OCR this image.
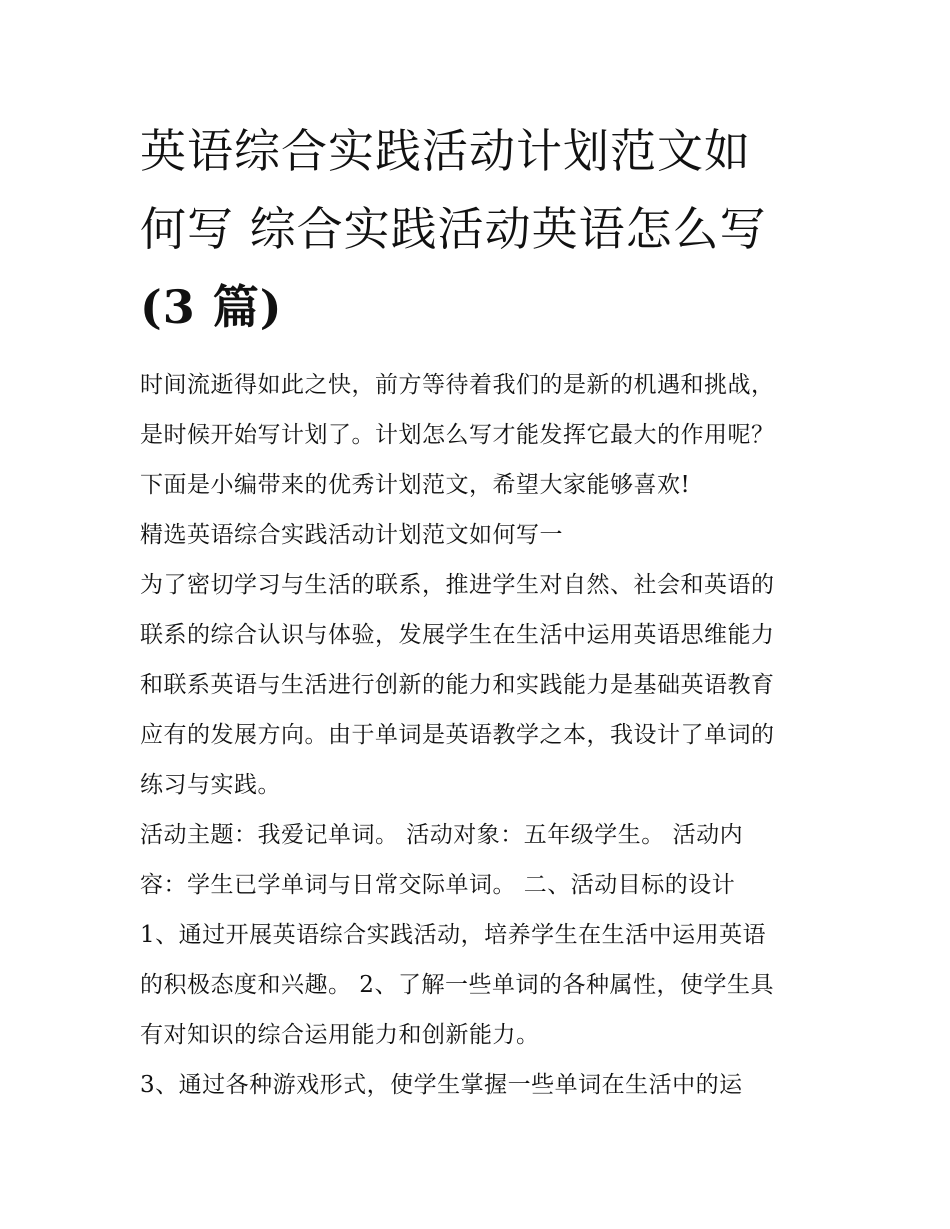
英语综合实践活动计划范文如
何写 综合实践活动英语怎么写
(3 篇)

时间流逝得如此之快，前方等待着我们的是新的机遇和挑战，
是时候开始写计划了。计划怎么写才能发挥它最大的作用呢？
下面是小编带来的优秀计划范文，希望大家能够喜欢!

精选英语综合实践活动计划范文如何写一

为了密切学习与生活的联系，推进学生对自然、社会和英语的
联系的综合认识与体验，发展学生在生活中运用英语思维能力
和联系英语与生活进行创新的能力和实践能力是基础英语教育
应有的发展方向。由于单词是英语教学之本，我设计了单词的
练习与实践。

活动主题：我爱记单词。 活动对象：五年级学生。 活动内
容：学生已学单词与日常交际单词。 二、活动目标的设计
1、通过开展英语综合实践活动，培养学生在生活中运用英语
的积极态度和兴趣。 2、了解一些单词的各种属性，使学生具
有对知识的综合运用能力和创新能力。

3、通过各种游戏形式，使学生掌握一些单词在生活中的运
